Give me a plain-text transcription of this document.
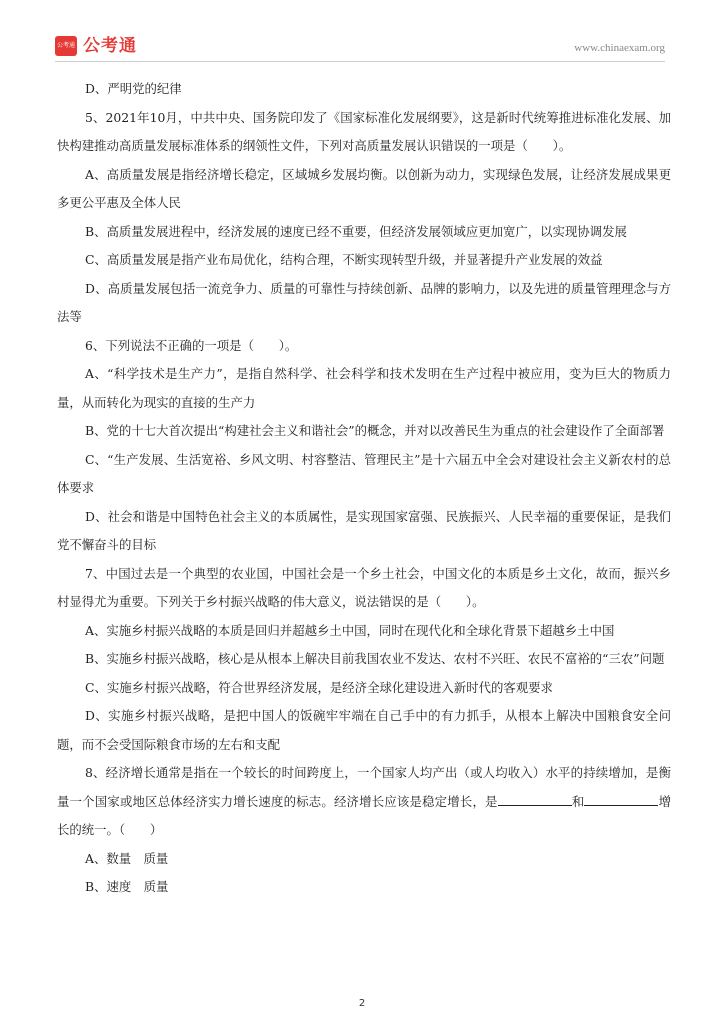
公考通 公考通	www.chinaexam.org

D、严明党的纪律

5、2021年10月，中共中央、国务院印发了《国家标准化发展纲要》，这是新时代统筹推进标准化发展、加快构建推动高质量发展标准体系的纲领性文件，下列对高质量发展认识错误的一项是（　　）。

A、高质量发展是指经济增长稳定，区域城乡发展均衡。以创新为动力，实现绿色发展，让经济发展成果更多更公平惠及全体人民

B、高质量发展进程中，经济发展的速度已经不重要，但经济发展领域应更加宽广，以实现协调发展

C、高质量发展是指产业布局优化，结构合理，不断实现转型升级，并显著提升产业发展的效益

D、高质量发展包括一流竞争力、质量的可靠性与持续创新、品牌的影响力，以及先进的质量管理理念与方法等

6、下列说法不正确的一项是（　　）。

A、“科学技术是生产力”，是指自然科学、社会科学和技术发明在生产过程中被应用，变为巨大的物质力量，从而转化为现实的直接的生产力

B、党的十七大首次提出“构建社会主义和谐社会”的概念，并对以改善民生为重点的社会建设作了全面部署

C、“生产发展、生活宽裕、乡风文明、村容整洁、管理民主”是十六届五中全会对建设社会主义新农村的总体要求

D、社会和谐是中国特色社会主义的本质属性，是实现国家富强、民族振兴、人民幸福的重要保证，是我们党不懈奋斗的目标

7、中国过去是一个典型的农业国，中国社会是一个乡土社会，中国文化的本质是乡土文化，故而，振兴乡村显得尤为重要。下列关于乡村振兴战略的伟大意义，说法错误的是（　　）。

A、实施乡村振兴战略的本质是回归并超越乡土中国，同时在现代化和全球化背景下超越乡土中国

B、实施乡村振兴战略，核心是从根本上解决目前我国农业不发达、农村不兴旺、农民不富裕的“三农”问题

C、实施乡村振兴战略，符合世界经济发展，是经济全球化建设进入新时代的客观要求

D、实施乡村振兴战略，是把中国人的饭碗牢牢端在自己手中的有力抓手，从根本上解决中国粮食安全问题，而不会受国际粮食市场的左右和支配

8、经济增长通常是指在一个较长的时间跨度上，一个国家人均产出（或人均收入）水平的持续增加，是衡量一个国家或地区总体经济实力增长速度的标志。经济增长应该是稳定增长，是	和	增长的统一。（　　）

A、数量　质量

B、速度　质量

2
